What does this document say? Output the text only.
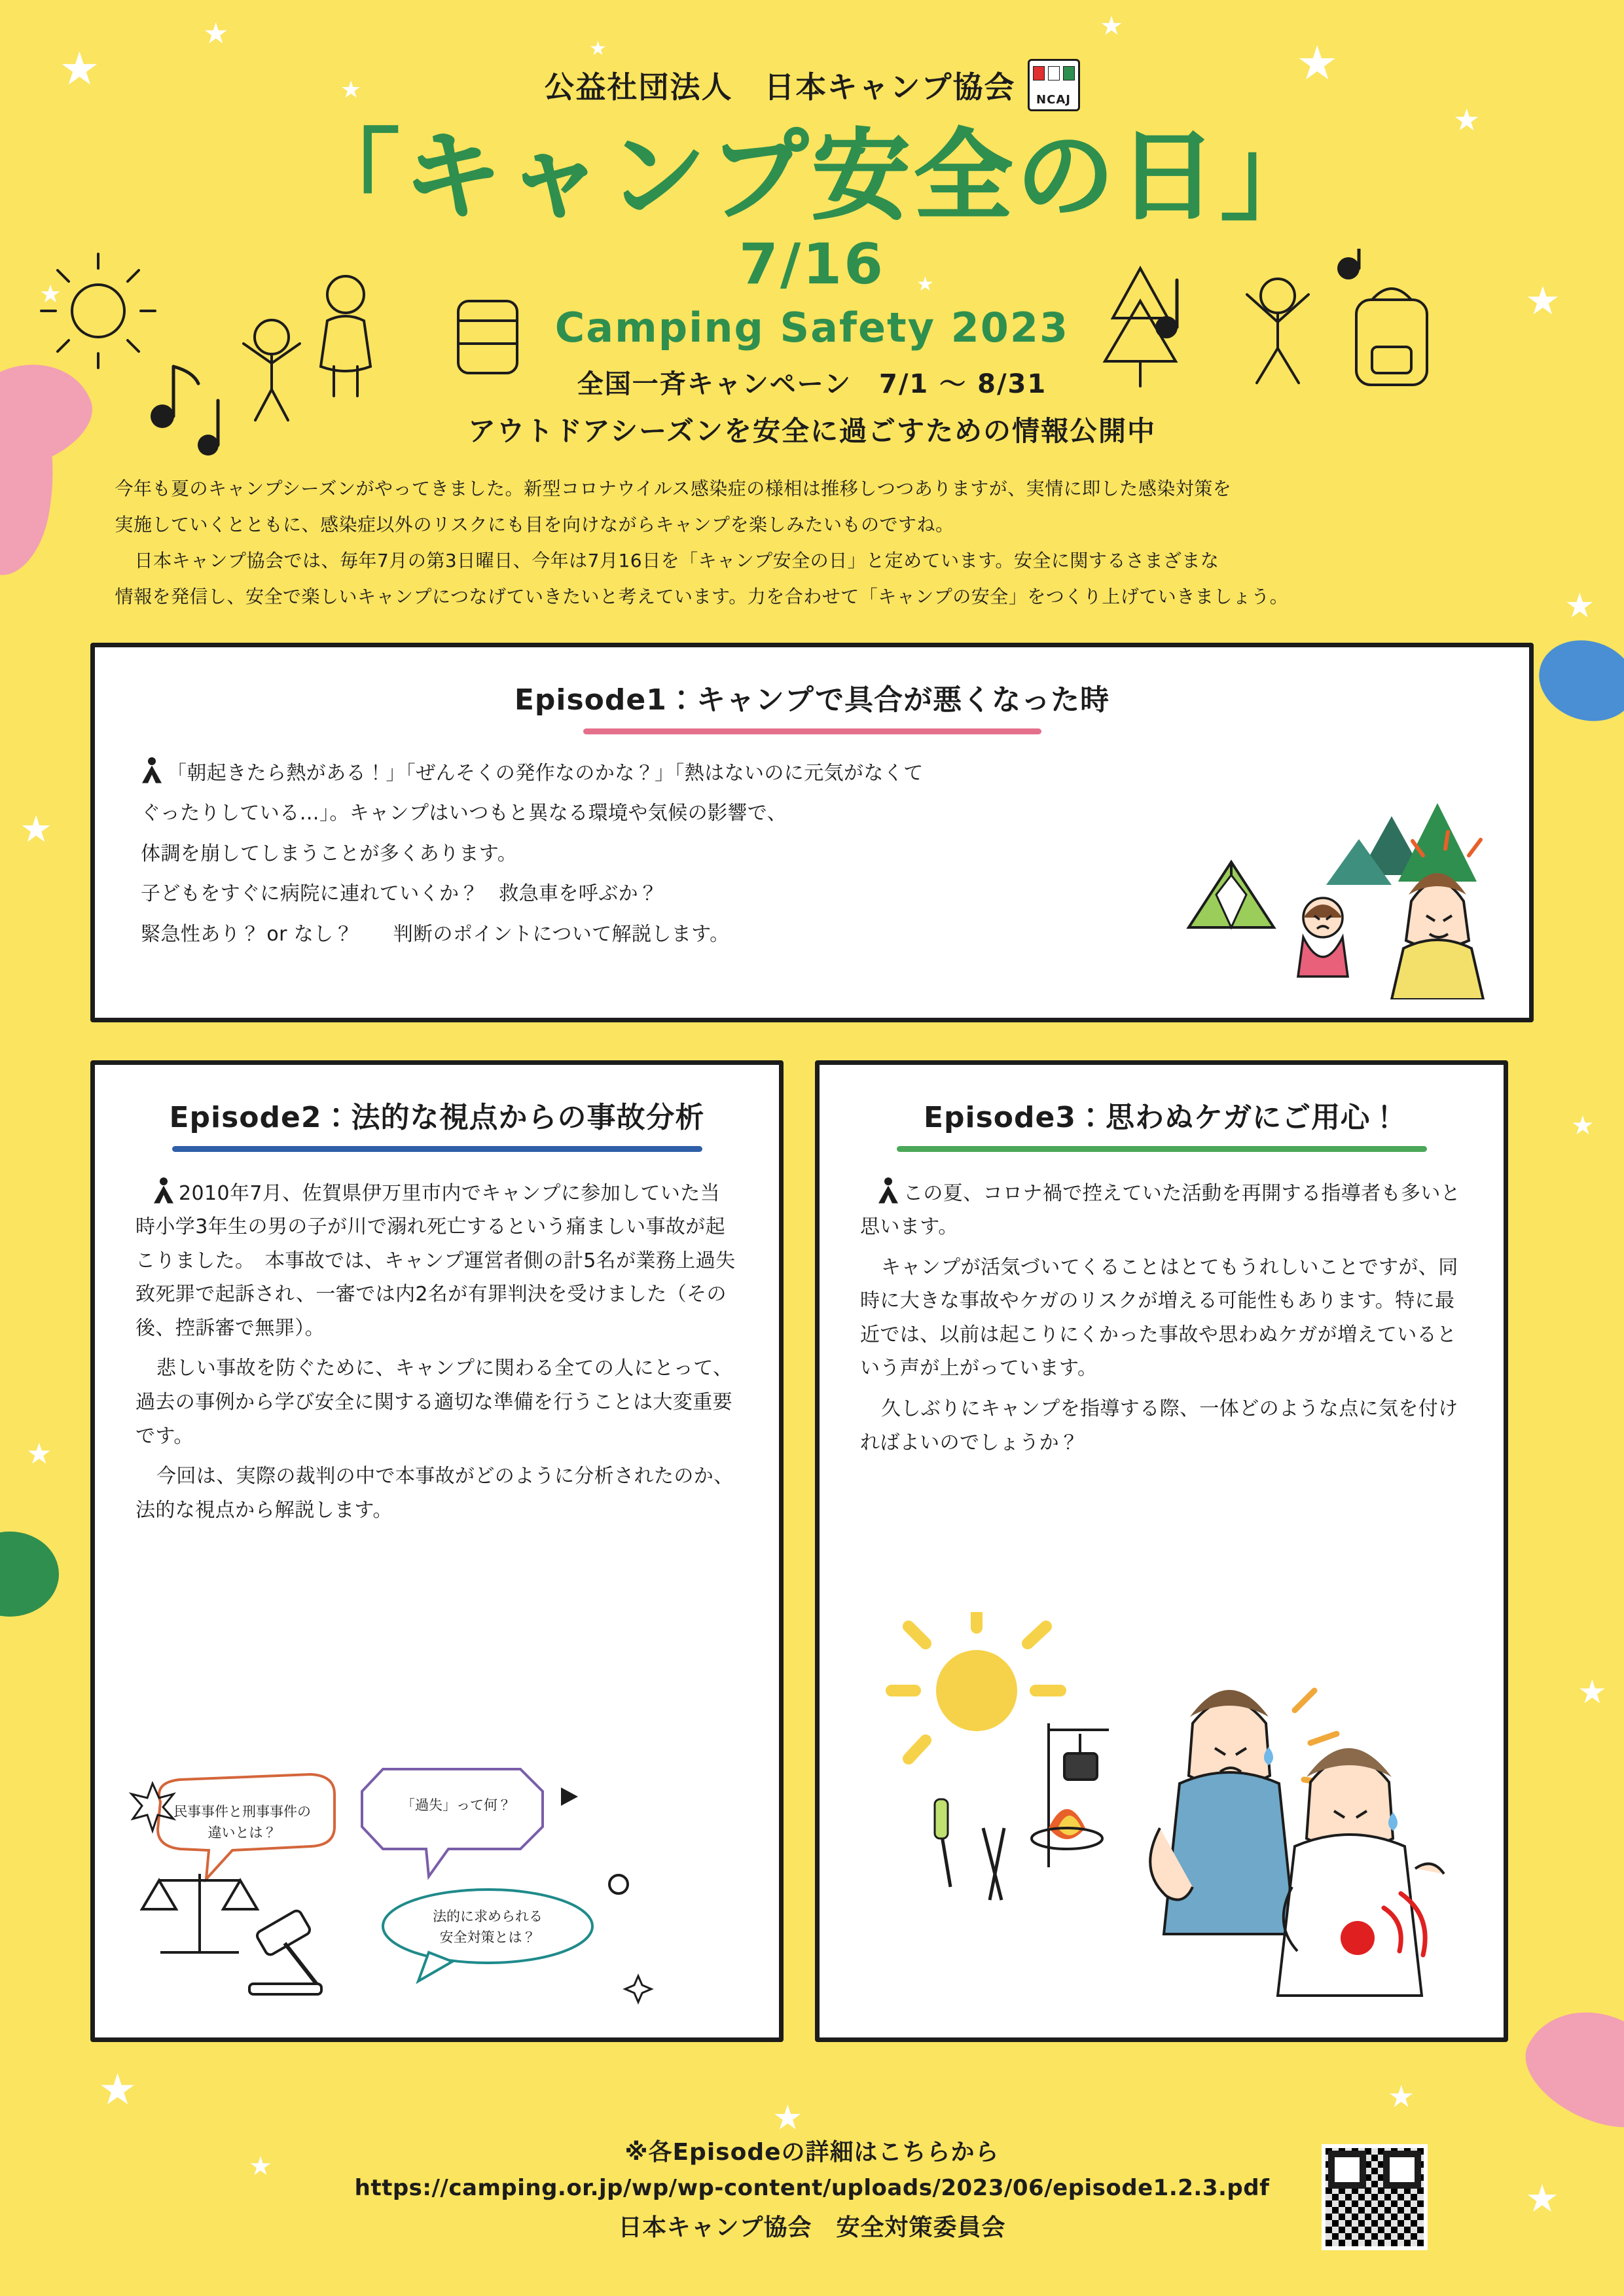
★
★
★
★
★
★
★
★
★
★
★
★
★
★
★
★
★
★
★
★
公益社団法人　日本キャンプ協会	NCAJ
「キャンプ安全の日」
7/16
Camping Safety 2023
全国一斉キャンペーン　7/1 〜 8/31
アウトドアシーズンを安全に過ごすための情報公開中

今年も夏のキャンプシーズンがやってきました。新型コロナウイルス感染症の様相は推移しつつありますが、実情に即した感染対策を

実施していくとともに、感染症以外のリスクにも目を向けながらキャンプを楽しみたいものですね。

日本キャンプ協会では、毎年7月の第3日曜日、今年は7月16日を「キャンプ安全の日」と定めています。安全に関するさまざまな

情報を発信し、安全で楽しいキャンプにつなげていきたいと考えています。力を合わせて「キャンプの安全」をつくり上げていきましょう。

Episode1：キャンプで具合が悪くなった時

「朝起きたら熱がある！」「ぜんそくの発作なのかな？」「熱はないのに元気がなくて

ぐったりしている…」。キャンプはいつもと異なる環境や気候の影響で、

体調を崩してしまうことが多くあります。

子どもをすぐに病院に連れていくか？　救急車を呼ぶか？

緊急性あり？ or なし？　　判断のポイントについて解説します。

Episode2：法的な視点からの事故分析

2010年7月、佐賀県伊万里市内でキャンプに参加していた当時小学3年生の男の子が川で溺れ死亡するという痛ましい事故が起こりました。　本事故では、キャンプ運営者側の計5名が業務上過失致死罪で起訴され、一審では内2名が有罪判決を受けました（その後、控訴審で無罪）。

悲しい事故を防ぐために、キャンプに関わる全ての人にとって、過去の事例から学び安全に関する適切な準備を行うことは大変重要です。

今回は、実際の裁判の中で本事故がどのように分析されたのか、法的な視点から解説します。

民事事件と刑事事件の
違いとは？
「過失」って何？
法的に求められる
安全対策とは？
Episode3：思わぬケガにご用心！

この夏、コロナ禍で控えていた活動を再開する指導者も多いと思います。

キャンプが活気づいてくることはとてもうれしいことですが、同時に大きな事故やケガのリスクが増える可能性もあります。特に最近では、以前は起こりにくかった事故や思わぬケガが増えているという声が上がっています。

久しぶりにキャンプを指導する際、一体どのような点に気を付ければよいのでしょうか？

※各Episodeの詳細はこちらから
https://camping.or.jp/wp/wp-content/uploads/2023/06/episode1.2.3.pdf
日本キャンプ協会　安全対策委員会
